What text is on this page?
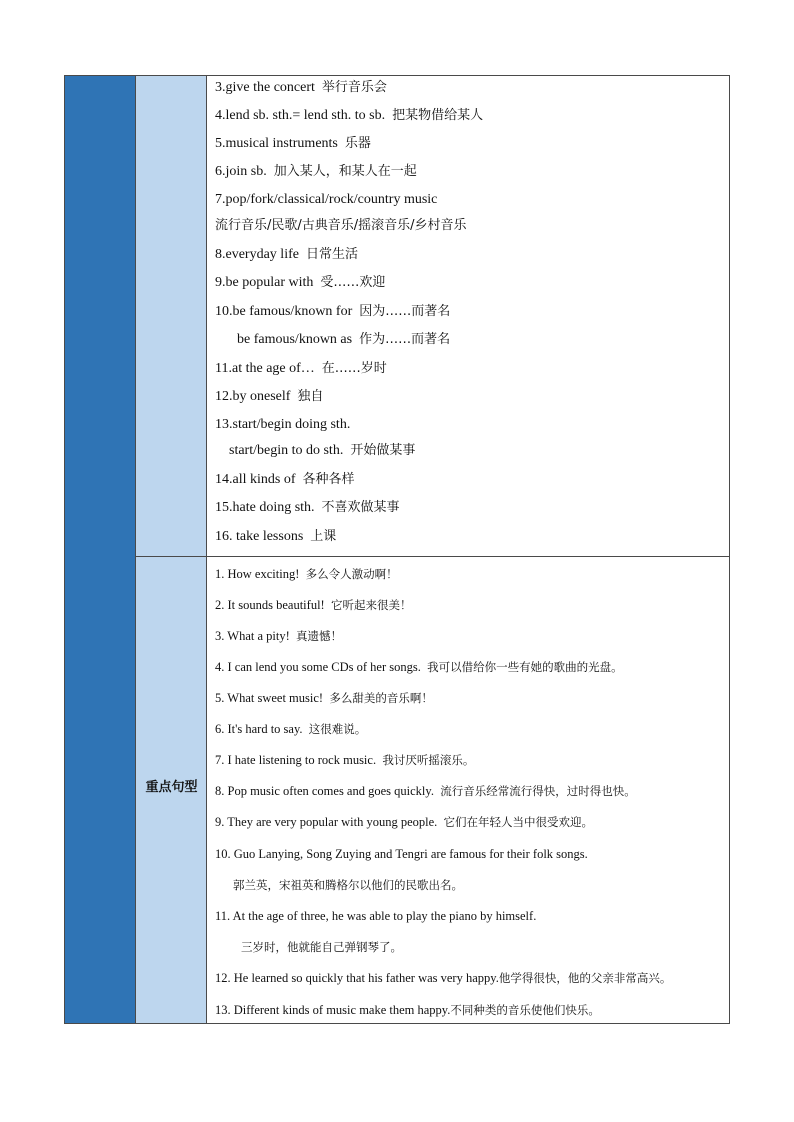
重点句型
3.give the concert 举行音乐会
4.lend sb. sth.= lend sth. to sb. 把某物借给某人
5.musical instruments 乐器
6.join sb. 加入某人，和某人在一起
7.pop/fork/classical/rock/country music
流行音乐/民歌/古典音乐/摇滚音乐/乡村音乐
8.everyday life 日常生活
9.be popular with 受……欢迎
10.be famous/known for 因为……而著名
be famous/known as 作为……而著名
11.at the age of… 在……岁时
12.by oneself 独自
13.start/begin doing sth.
start/begin to do sth. 开始做某事
14.all kinds of 各种各样
15.hate doing sth. 不喜欢做某事
16. take lessons 上课
1. How exciting! 多么令人激动啊！
2. It sounds beautiful! 它听起来很美！
3. What a pity! 真遗憾！
4. I can lend you some CDs of her songs. 我可以借给你一些有她的歌曲的光盘。
5. What sweet music! 多么甜美的音乐啊！
6. It's hard to say. 这很难说。
7. I hate listening to rock music. 我讨厌听摇滚乐。
8. Pop music often comes and goes quickly. 流行音乐经常流行得快，过时得也快。
9. They are very popular with young people. 它们在年轻人当中很受欢迎。
10. Guo Lanying, Song Zuying and Tengri are famous for their folk songs.
郭兰英，宋祖英和腾格尔以他们的民歌出名。
11. At the age of three, he was able to play the piano by himself.
三岁时，他就能自己弹钢琴了。
12. He learned so quickly that his father was very happy.他学得很快，他的父亲非常高兴。
13. Different kinds of music make them happy.不同种类的音乐使他们快乐。
